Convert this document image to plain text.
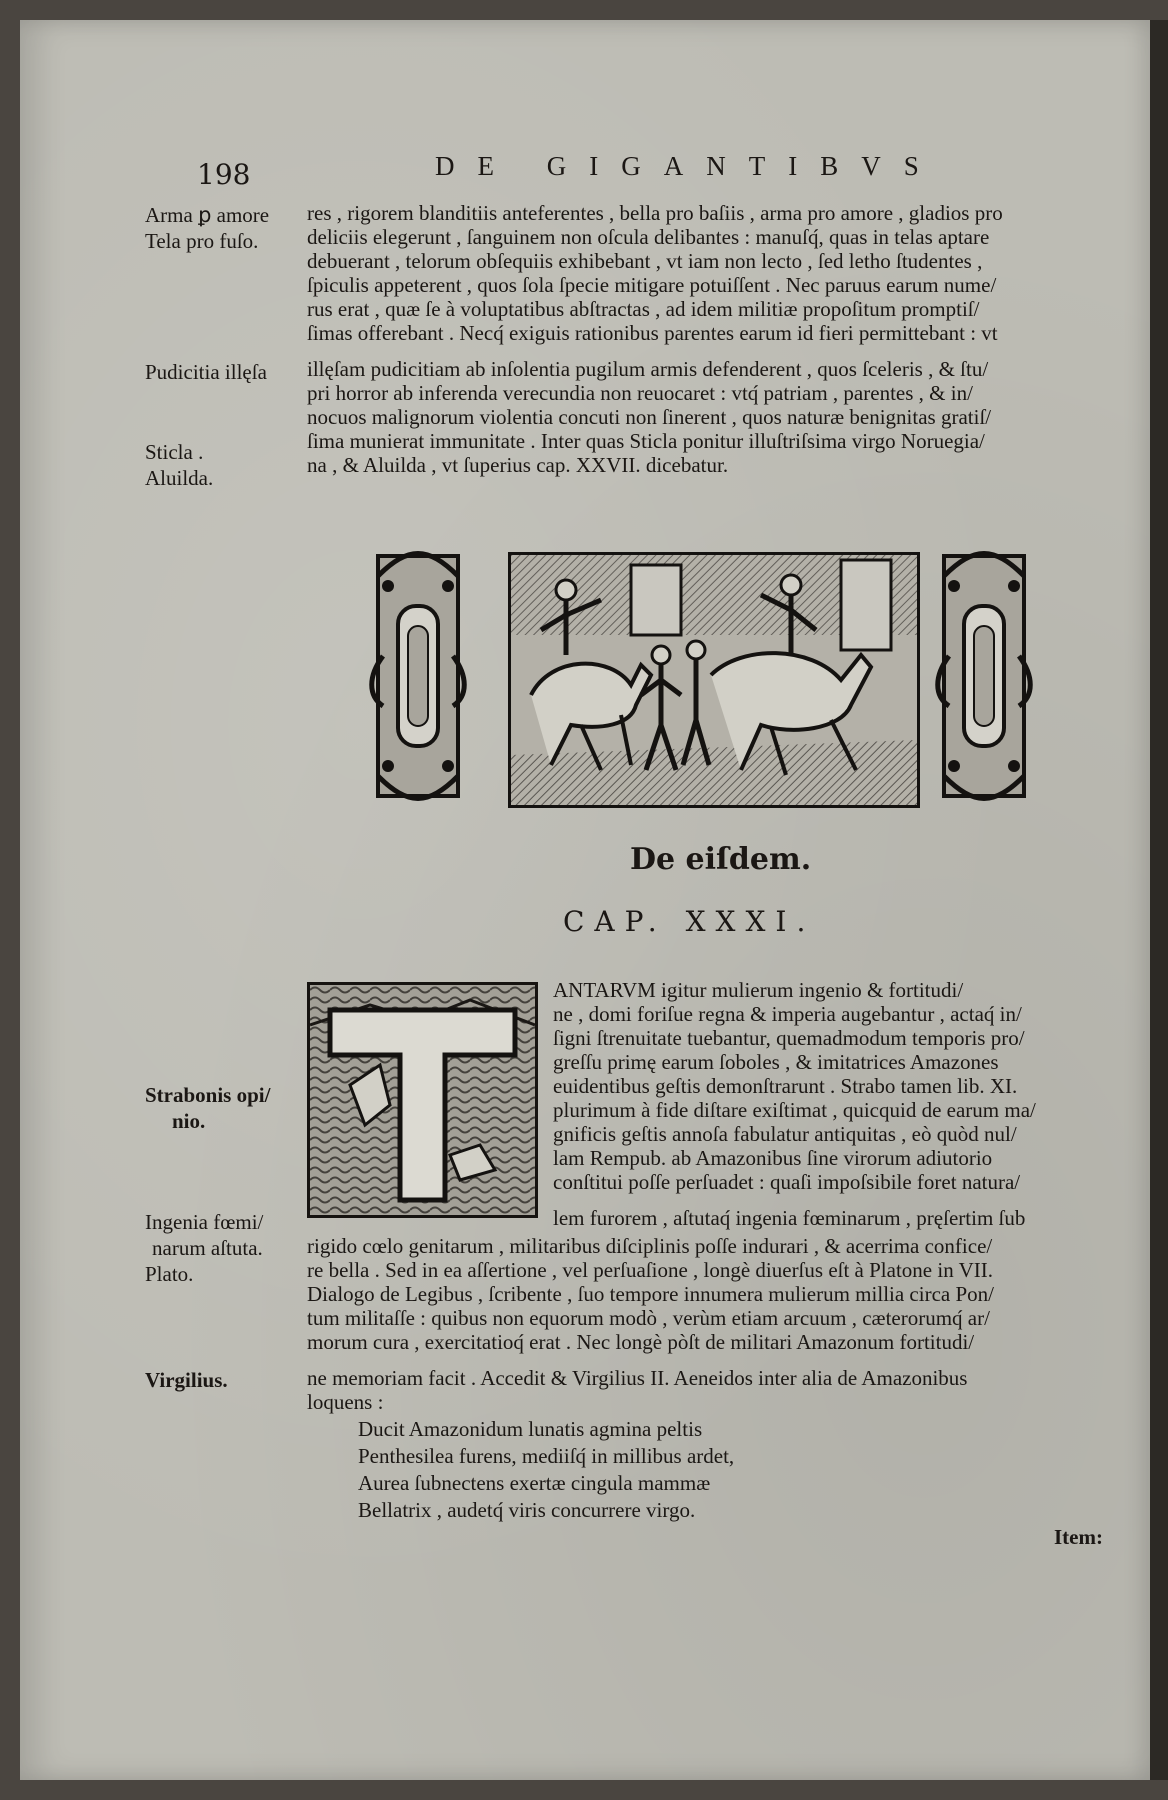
198	DE GIGANTIBVS
Arma ꝑ amore
Tela pro fuſo.
Pudicitia illęſa
Sticla .
Aluilda.
Strabonis opi/
nio.
Ingenia fœmi/
narum aſtuta.
Plato.
Virgilius.
res , rigorem blanditiis anteferentes , bella pro baſiis , arma pro amore , gladios pro
deliciis elegerunt , ſanguinem non oſcula delibantes : manuſq́, quas in telas aptare
debuerant , telorum obſequiis exhibebant , vt iam non lecto , ſed letho ſtudentes ,
ſpiculis appeterent , quos ſola ſpecie mitigare potuiſſent . Nec paruus earum nume/
rus erat , quæ ſe à voluptatibus abſtractas , ad idem militiæ propoſitum promptiſ/
ſimas offerebant . Necq́ exiguis rationibus parentes earum id fieri permittebant : vt
illęſam pudicitiam ab inſolentia pugilum armis defenderent , quos ſceleris , & ſtu/
pri horror ab inferenda verecundia non reuocaret : vtq́ patriam , parentes , & in/
nocuos malignorum violentia concuti non ſinerent , quos naturæ benignitas gratiſ/
ſima munierat immunitate . Inter quas Sticla ponitur illuſtriſsima virgo Noruegia/
na , & Aluilda , vt ſuperius cap. XXVII. dicebatur.
De eiſdem.
CAP. XXXI.
ANTARVM igitur mulierum ingenio & fortitudi/
ne , domi foriſue regna & imperia augebantur , actaq́ in/
ſigni ſtrenuitate tuebantur, quemadmodum temporis pro/
greſſu primę earum ſoboles , & imitatrices Amazones
euidentibus geſtis demonſtrarunt . Strabo tamen lib. XI.
plurimum à fide diſtare exiſtimat , quicquid de earum ma/
gnificis geſtis annoſa fabulatur antiquitas , eò quòd nul/
lam Rempub. ab Amazonibus ſine virorum adiutorio
conſtitui poſſe perſuadet : quaſi impoſsibile foret natura/
lem furorem , aſtutaq́ ingenia fœminarum , pręſertim ſub
rigido cœlo genitarum , militaribus diſciplinis poſſe indurari , & acerrima confice/
re bella . Sed in ea aſſertione , vel perſuaſione , longè diuerſus eſt à Platone in VII.
Dialogo de Legibus , ſcribente , ſuo tempore innumera mulierum millia circa Pon/
tum militaſſe : quibus non equorum modò , verùm etiam arcuum , cæterorumq́ ar/
morum cura , exercitatioq́ erat . Nec longè pòſt de militari Amazonum fortitudi/
ne memoriam facit . Accedit & Virgilius II. Aeneidos inter alia de Amazonibus
loquens :
Ducit Amazonidum lunatis agmina peltis
Penthesilea furens, mediiſq́ in millibus ardet,
Aurea ſubnectens exertæ cingula mammæ
Bellatrix , audetq́ viris concurrere virgo.
Item:
